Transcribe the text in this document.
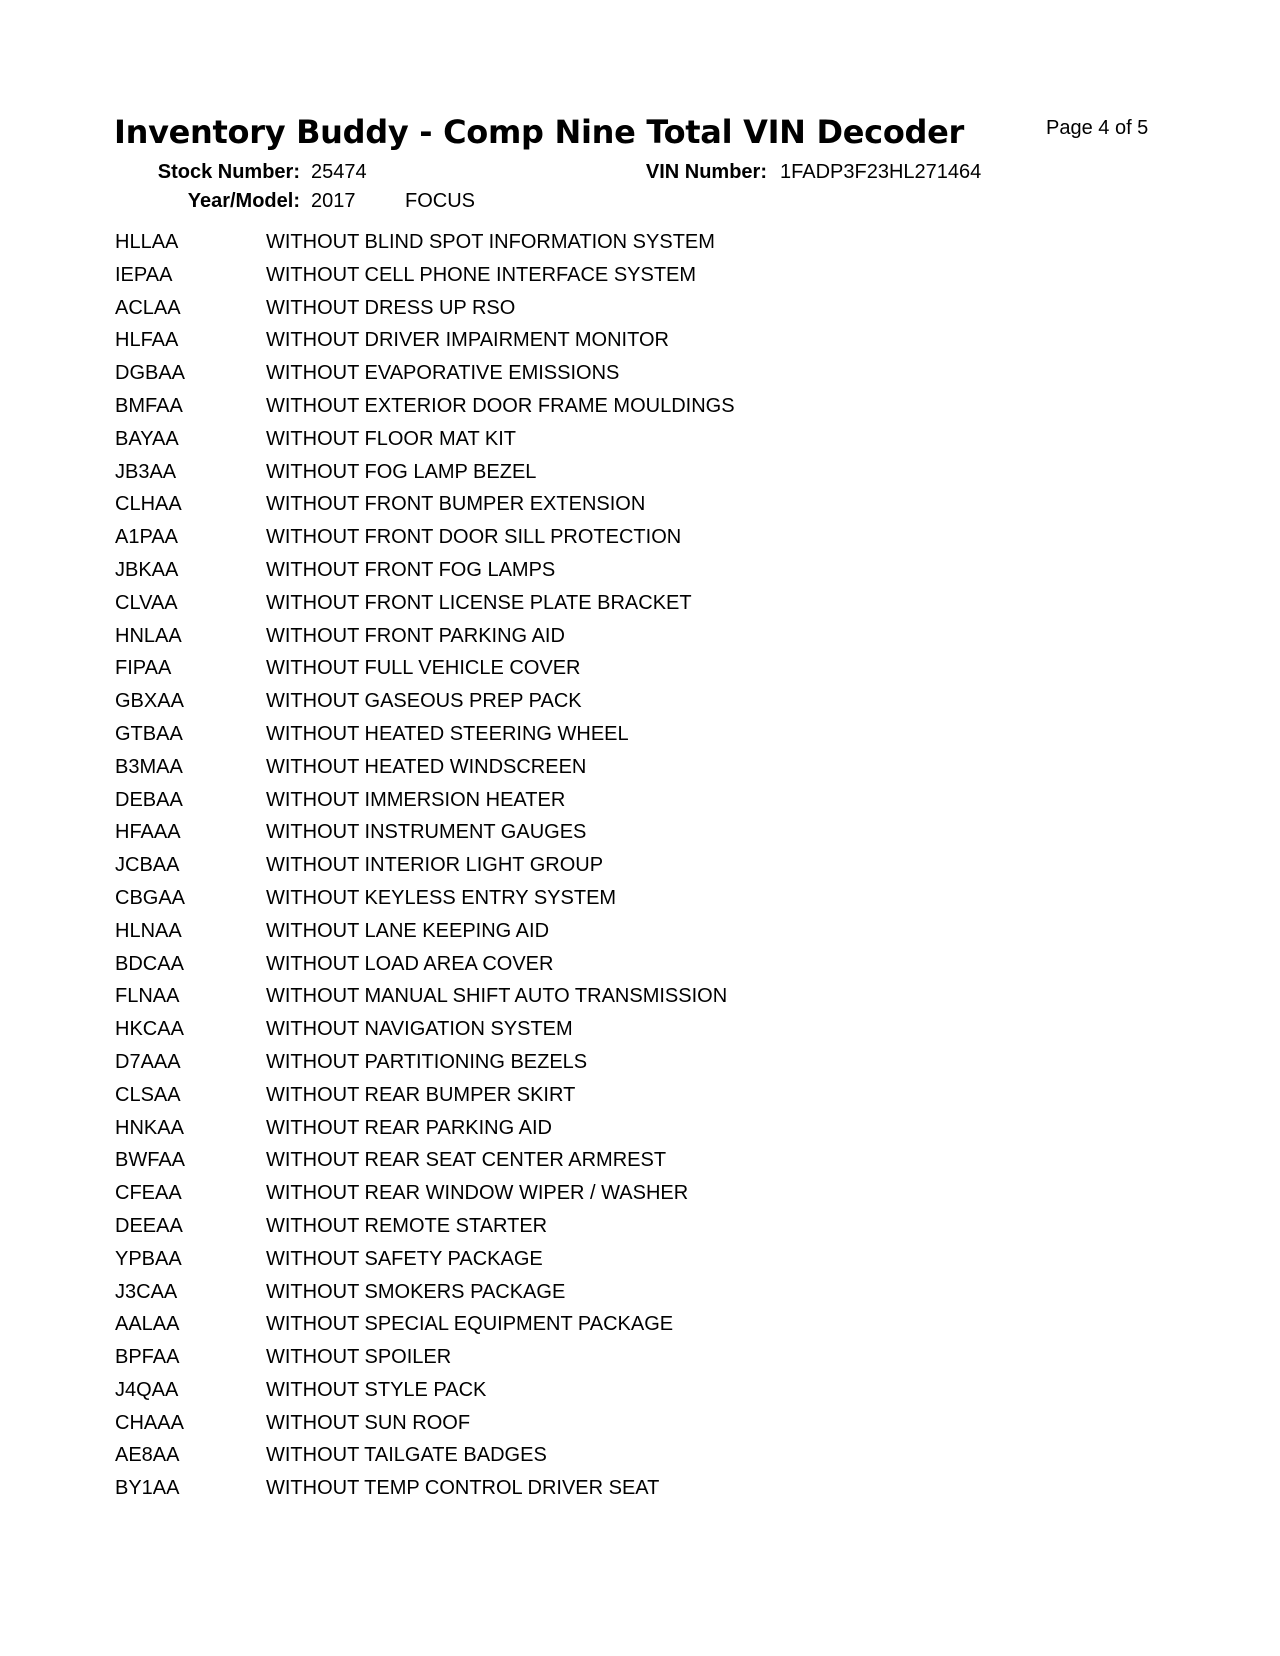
Inventory Buddy - Comp Nine Total VIN Decoder	Page 4 of 5
Stock Number: 25474	VIN Number: 1FADP3F23HL271464
Year/Model: 2017 FOCUS
HLLAA	WITHOUT BLIND SPOT INFORMATION SYSTEM
IEPAA	WITHOUT CELL PHONE INTERFACE SYSTEM
ACLAA	WITHOUT DRESS UP RSO
HLFAA	WITHOUT DRIVER IMPAIRMENT MONITOR
DGBAA	WITHOUT EVAPORATIVE EMISSIONS
BMFAA	WITHOUT EXTERIOR DOOR FRAME MOULDINGS
BAYAA	WITHOUT FLOOR MAT KIT
JB3AA	WITHOUT FOG LAMP BEZEL
CLHAA	WITHOUT FRONT BUMPER EXTENSION
A1PAA	WITHOUT FRONT DOOR SILL PROTECTION
JBKAA	WITHOUT FRONT FOG LAMPS
CLVAA	WITHOUT FRONT LICENSE PLATE BRACKET
HNLAA	WITHOUT FRONT PARKING AID
FIPAA	WITHOUT FULL VEHICLE COVER
GBXAA	WITHOUT GASEOUS PREP PACK
GTBAA	WITHOUT HEATED STEERING WHEEL
B3MAA	WITHOUT HEATED WINDSCREEN
DEBAA	WITHOUT IMMERSION HEATER
HFAAA	WITHOUT INSTRUMENT GAUGES
JCBAA	WITHOUT INTERIOR LIGHT GROUP
CBGAA	WITHOUT KEYLESS ENTRY SYSTEM
HLNAA	WITHOUT LANE KEEPING AID
BDCAA	WITHOUT LOAD AREA COVER
FLNAA	WITHOUT MANUAL SHIFT AUTO TRANSMISSION
HKCAA	WITHOUT NAVIGATION SYSTEM
D7AAA	WITHOUT PARTITIONING BEZELS
CLSAA	WITHOUT REAR BUMPER SKIRT
HNKAA	WITHOUT REAR PARKING AID
BWFAA	WITHOUT REAR SEAT CENTER ARMREST
CFEAA	WITHOUT REAR WINDOW WIPER / WASHER
DEEAA	WITHOUT REMOTE STARTER
YPBAA	WITHOUT SAFETY PACKAGE
J3CAA	WITHOUT SMOKERS PACKAGE
AALAA	WITHOUT SPECIAL EQUIPMENT PACKAGE
BPFAA	WITHOUT SPOILER
J4QAA	WITHOUT STYLE PACK
CHAAA	WITHOUT SUN ROOF
AE8AA	WITHOUT TAILGATE BADGES
BY1AA	WITHOUT TEMP CONTROL DRIVER SEAT
